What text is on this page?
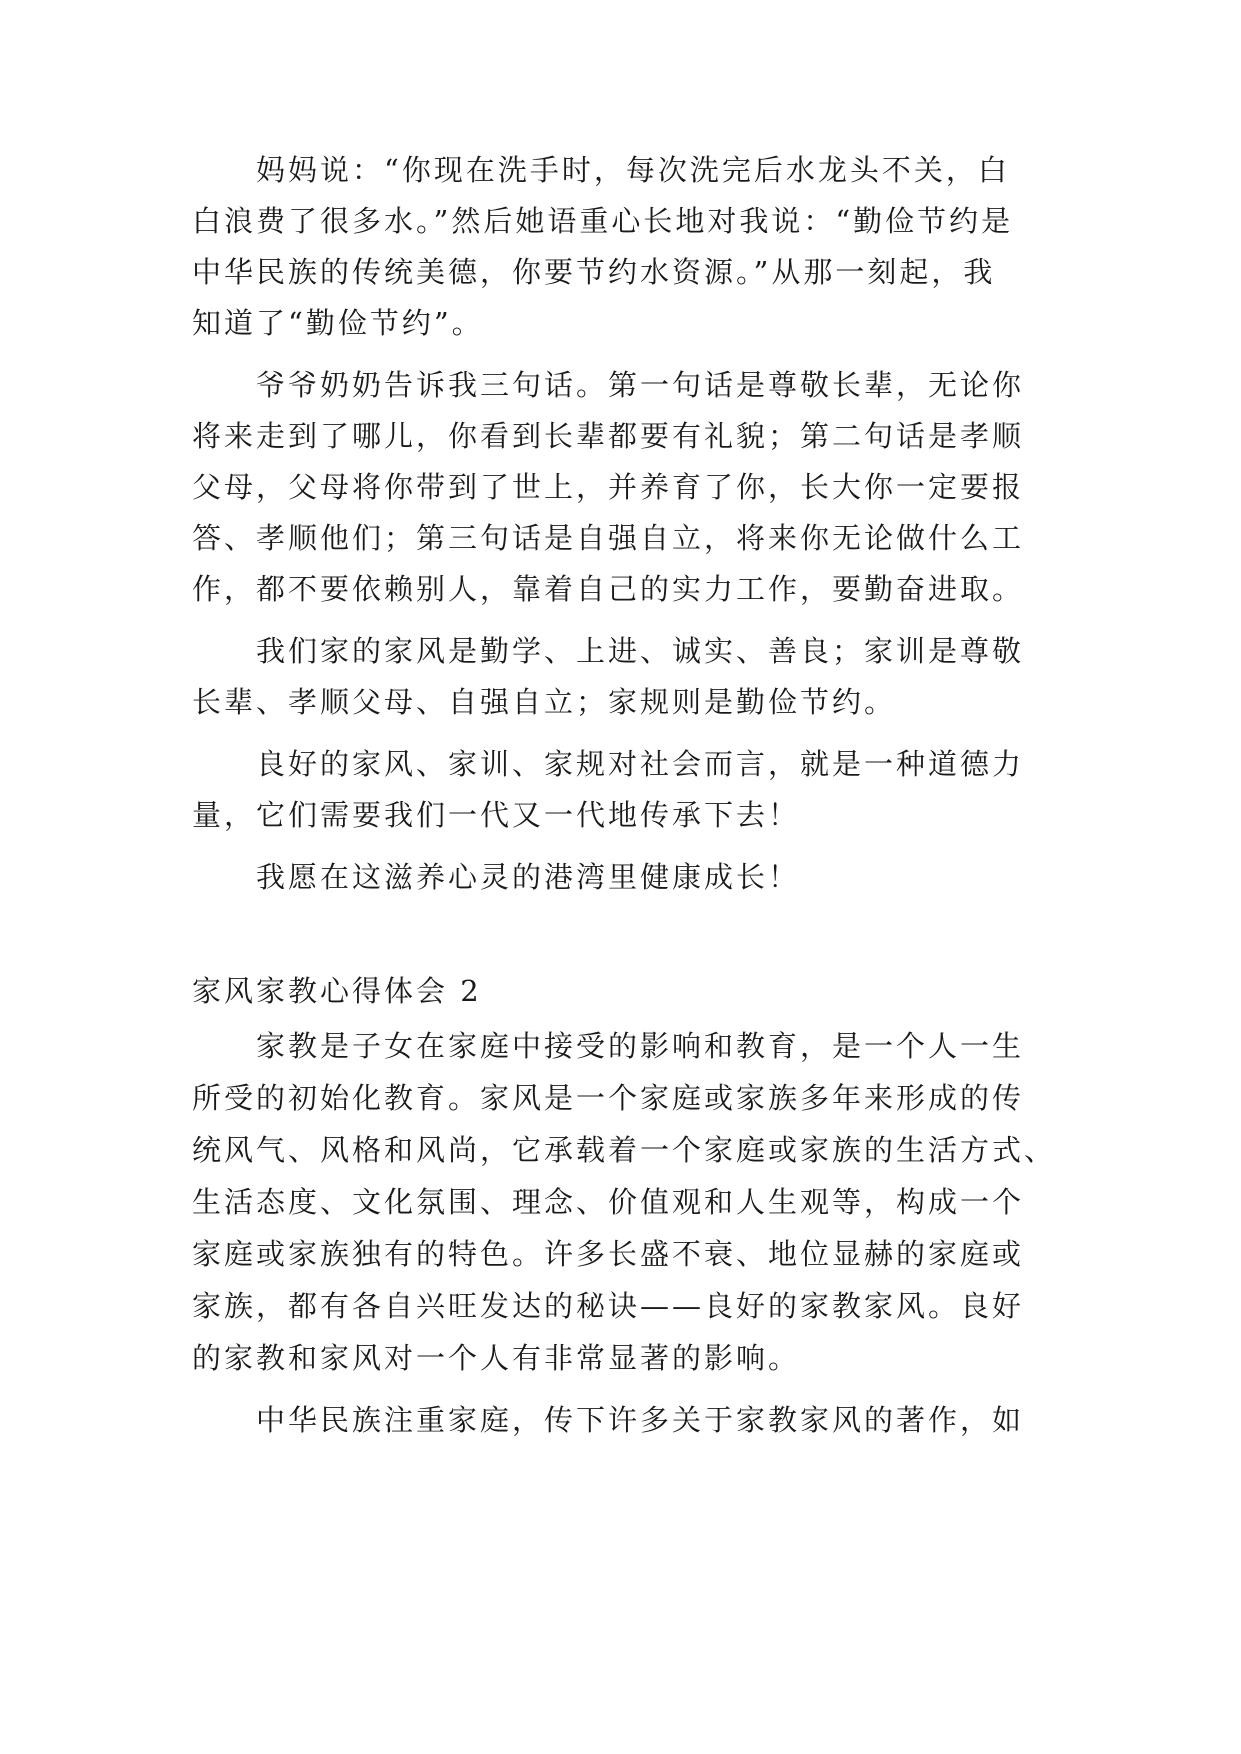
妈妈说：“你现在洗手时，每次洗完后水龙头不关，白
白浪费了很多水。”然后她语重心长地对我说：“勤俭节约是
中华民族的传统美德，你要节约水资源。”从那一刻起，我
知道了“勤俭节约”。
爷爷奶奶告诉我三句话。第一句话是尊敬长辈，无论你
将来走到了哪儿，你看到长辈都要有礼貌；第二句话是孝顺
父母，父母将你带到了世上，并养育了你，长大你一定要报
答、孝顺他们；第三句话是自强自立，将来你无论做什么工
作，都不要依赖别人，靠着自己的实力工作，要勤奋进取。
我们家的家风是勤学、上进、诚实、善良；家训是尊敬
长辈、孝顺父母、自强自立；家规则是勤俭节约。
良好的家风、家训、家规对社会而言，就是一种道德力
量，它们需要我们一代又一代地传承下去！
我愿在这滋养心灵的港湾里健康成长！
家风家教心得体会 2
家教是子女在家庭中接受的影响和教育，是一个人一生
所受的初始化教育。家风是一个家庭或家族多年来形成的传
统风气、风格和风尚，它承载着一个家庭或家族的生活方式、
生活态度、文化氛围、理念、价值观和人生观等，构成一个
家庭或家族独有的特色。许多长盛不衰、地位显赫的家庭或
家族，都有各自兴旺发达的秘诀——良好的家教家风。良好
的家教和家风对一个人有非常显著的影响。
中华民族注重家庭，传下许多关于家教家风的著作，如
